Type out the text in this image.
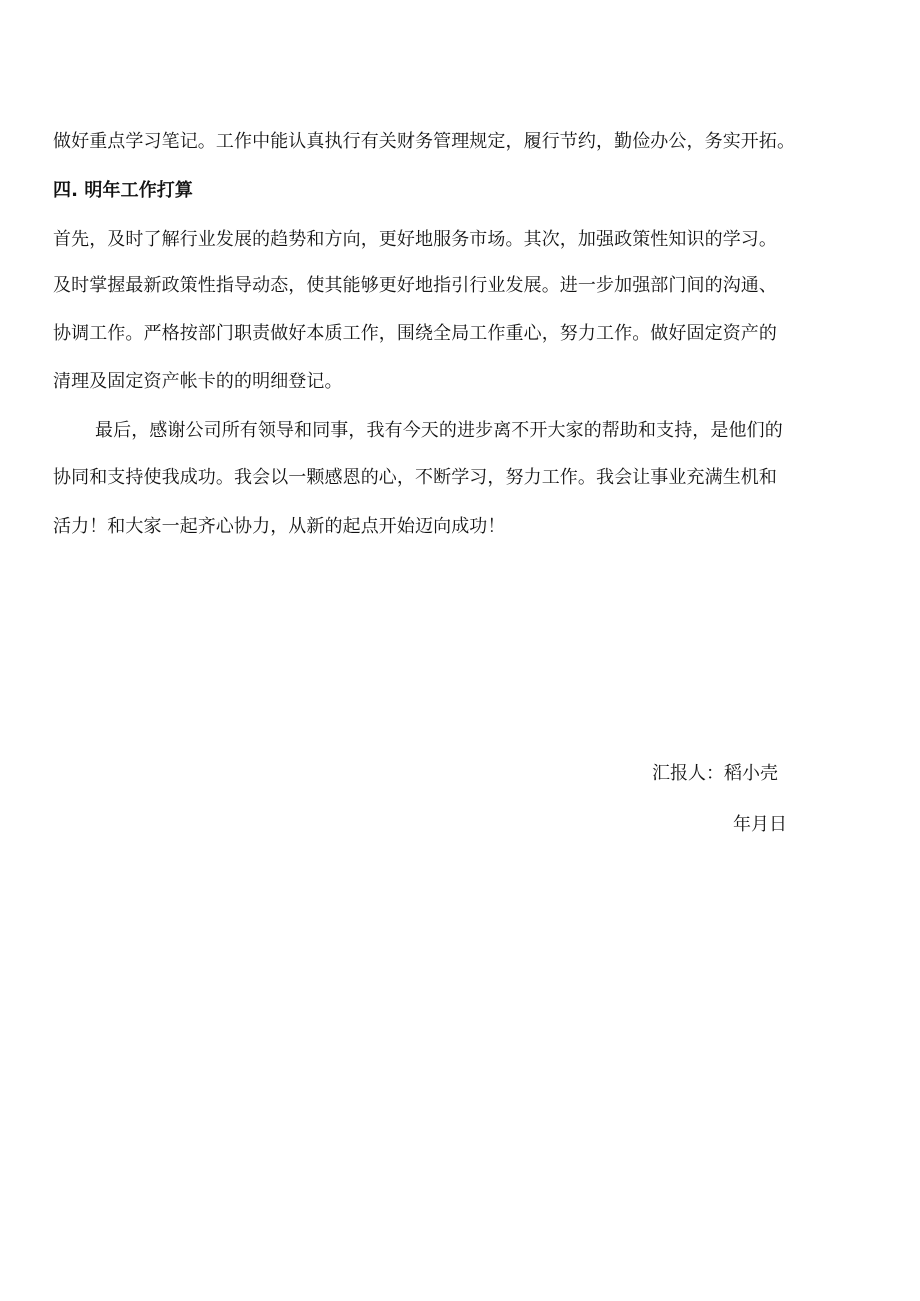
做好重点学习笔记。工作中能认真执行有关财务管理规定，履行节约，勤俭办公，务实开拓。
四. 明年工作打算
首先，及时了解行业发展的趋势和方向，更好地服务市场。其次，加强政策性知识的学习。
及时掌握最新政策性指导动态，使其能够更好地指引行业发展。进一步加强部门间的沟通、
协调工作。严格按部门职责做好本质工作，围绕全局工作重心，努力工作。做好固定资产的
清理及固定资产帐卡的的明细登记。
最后，感谢公司所有领导和同事，我有今天的进步离不开大家的帮助和支持，是他们的
协同和支持使我成功。我会以一颗感恩的心，不断学习，努力工作。我会让事业充满生机和
活力！和大家一起齐心协力，从新的起点开始迈向成功！
汇报人：稻小壳
年月日
